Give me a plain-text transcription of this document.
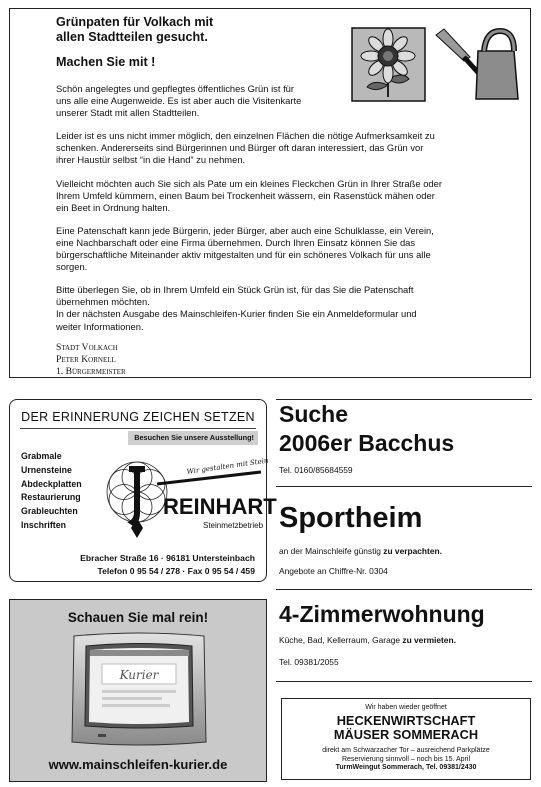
Grünpaten für Volkach mit
allen Stadtteilen gesucht.
Machen Sie mit !

Schön angelegtes und gepflegtes öffentliches Grün ist für
uns alle eine Augenweide. Es ist aber auch die Visitenkarte
unserer Stadt mit allen Stadtteilen.

Leider ist es uns nicht immer möglich, den einzelnen Flächen die nötige Aufmerksamkeit zu
schenken. Andererseits sind Bürgerinnen und Bürger oft daran interessiert, das Grün vor
ihrer Haustür selbst “in die Hand” zu nehmen.

Vielleicht möchten auch Sie sich als Pate um ein kleines Fleckchen Grün in Ihrer Straße oder
Ihrem Umfeld kümmern, einen Baum bei Trockenheit wässern, ein Rasenstück mähen oder
ein Beet in Ordnung halten.

Eine Patenschaft kann jede Bürgerin, jeder Bürger, aber auch eine Schulklasse, ein Verein,
eine Nachbarschaft oder eine Firma übernehmen. Durch Ihren Einsatz können Sie das
bürgerschaftliche Miteinander aktiv mitgestalten und für ein schöneres Volkach für uns alle
sorgen.

Bitte überlegen Sie, ob in Ihrem Umfeld ein Stück Grün ist, für das Sie die Patenschaft
übernehmen möchten.
In der nächsten Ausgabe des Mainschleifen-Kurier finden Sie ein Anmeldeformular und
weiter Informationen.

Stadt Volkach
Peter Kornell
1. Bürgermeister
DER ERINNERUNG ZEICHEN SETZEN
Besuchen Sie unsere Ausstellung!
Grabmale
Urnensteine
Abdeckplatten
Restaurierung
Grableuchten
Inschriften
Wir gestalten mit Stein
REINHART
Steinmetzbetrieb
Ebracher Straße 16 · 96181 Untersteinbach
Telefon 0 95 54 / 278 · Fax 0 95 54 / 459
Suche
2006er Bacchus
Tel. 0160/85684559
Sportheim
an der Mainschleife günstig zu verpachten.
Angebote an Chiffre-Nr. 0304
4-Zimmerwohnung
Küche, Bad, Kellerraum, Garage zu vermieten.
Tel. 09381/2055
Schauen Sie mal rein!
Kurier
www.mainschleifen-kurier.de
Wir haben wieder geöffnet
HECKENWIRTSCHAFT
MÄUSER SOMMERACH
direkt am Schwarzacher Tor – ausreichend Parkplätze
Reservierung sinnvoll – noch bis 15. April
TurmWeingut Sommerach, Tel. 09381/2430
